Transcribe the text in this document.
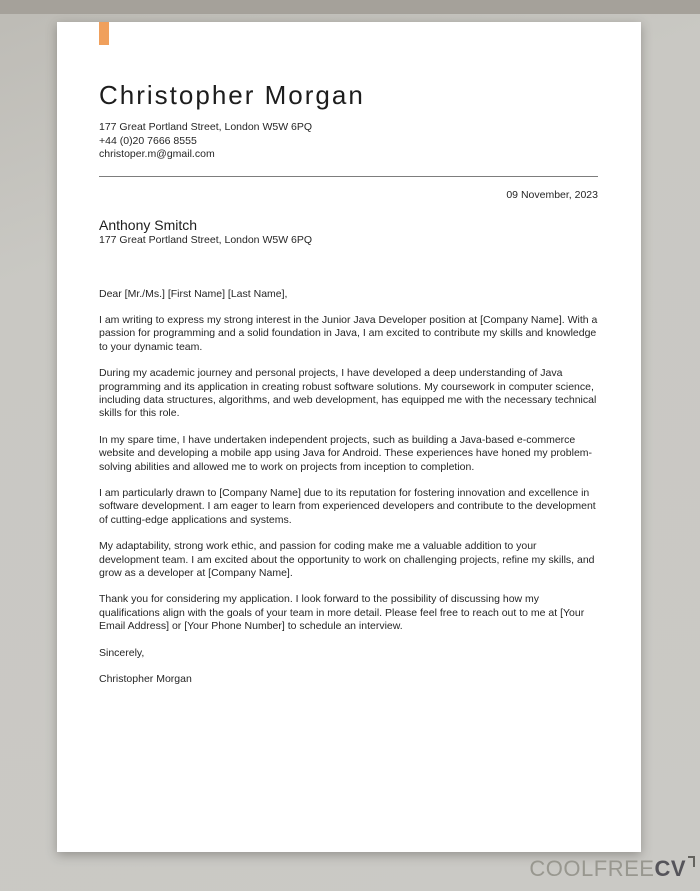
Christopher Morgan
177 Great Portland Street, London W5W 6PQ
+44 (0)20 7666 8555
christoper.m@gmail.com
09 November, 2023
Anthony Smitch
177 Great Portland Street, London W5W 6PQ

Dear [Mr./Ms.] [First Name] [Last Name],

I am writing to express my strong interest in the Junior Java Developer position at [Company Name]. With a passion for programming and a solid foundation in Java, I am excited to contribute my skills and knowledge to your dynamic team.

During my academic journey and personal projects, I have developed a deep understanding of Java programming and its application in creating robust software solutions. My coursework in computer science, including data structures, algorithms, and web development, has equipped me with the necessary technical skills for this role.

In my spare time, I have undertaken independent projects, such as building a Java-based e-commerce website and developing a mobile app using Java for Android. These experiences have honed my problem-solving abilities and allowed me to work on projects from inception to completion.

I am particularly drawn to [Company Name] due to its reputation for fostering innovation and excellence in software development. I am eager to learn from experienced developers and contribute to the development of cutting-edge applications and systems.

My adaptability, strong work ethic, and passion for coding make me a valuable addition to your development team. I am excited about the opportunity to work on challenging projects, refine my skills, and grow as a developer at [Company Name].

Thank you for considering my application. I look forward to the possibility of discussing how my qualifications align with the goals of your team in more detail. Please feel free to reach out to me at [Your Email Address] or [Your Phone Number] to schedule an interview.

Sincerely,

Christopher Morgan

COOLFREECV
